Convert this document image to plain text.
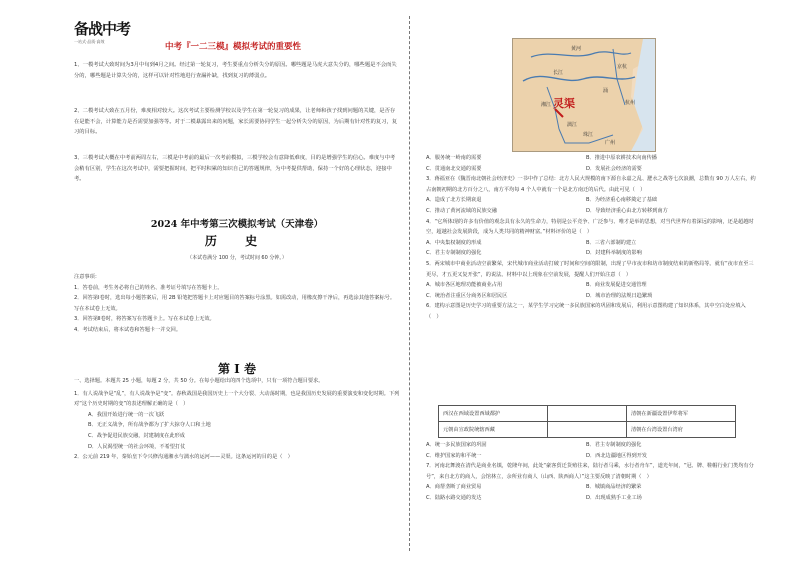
备战中考
一站式·品质·高效
中考『一二三模』模拟考试的重要性
1、一模考试大致时间为3月中旬到4月之间。经过第一轮复习，考生要重点分析失分的原因。哪些题是马虎大意失分的，哪些题是不会而失分的，哪些题是计算失分的，这样可以针对性地进行查漏补缺，找到复习的薄弱点。
2、二模考试大致在五月份，难度相对较大。这次考试主要检测学校以及学生在第一轮复习的成果，让老师和孩子找到问题的关键，是否存在是能不会，计算能力是否需要加强等等。对于二模暴露出来的问题，家长需要协同学生一起分析失分的原因，为后期有针对性的复习，复习的目标。
3、三模考试大概在中考前两周左右，三模是中考前的最后一次考前模拟，三模学校会有意降低难度，目的是增强学生的信心。难度与中考会稍有区别，学生在这次考试中，需要把握时间，把平时积累的知识自己的答题规律，为中考提供帮助，保持一个好的心理状态，迎接中考。
2024 年中考第三次模拟考试（天津卷）
历 史
（本试卷满分 100 分，考试时间 60 分钟。）
注意事项：
1．答卷前，考生务必将自己的姓名、准考证号填写在答题卡上。
2．回答第Ⅰ卷时，选出每小题答案后，用 2B 铅笔把答题卡上对应题目的答案标号涂黑。如需改动，用橡皮擦干净后，再选涂其他答案标号。写在本试卷上无效。
3．回答第Ⅱ卷时，将答案写在答题卡上。写在本试卷上无效。
4．考试结束后，将本试卷和答题卡一并交回。
第 I 卷
一、选择题。本题共 25 小题，每题 2 分，共 50 分。在每小题给出的四个选项中，只有一项符合题目要求。
1．有人说战争是“乱”，有人说战争是“变”。春秋战国是我国历史上一个大分裂、大动荡时期，也是我国历史发展的重要演变和变化时期。下列对“这个历史时期的变”的表述理解正确的是（　）
A．我国开始进行统一的一次飞跃
B．无正义战争，所有战争都为了扩大掠夺人口和土地
C．战争促进民族交融，封建制度在此形成
D．人民渴望统一的社会环境，不希望打仗
2．公元前 219 年，秦始皇下令兴修沟通湘水与漓水的运河——灵渠。这条运河的目的是（　）
长江
黄河
京杭
杭州
涌
湘江
漓江
珠江
广州
灵渠
A．服务统一岭南的需要	B．推进中原农耕技术向南传播
C．贯通南北交通的需要	D．发展社会经济的需要
3．蒋福亚在《魏晋南北朝社会经济史》一书中作了总结：北方人民大规模的南下源自永嘉之乱、淝水之战等七次浪潮，总数有 90 万人左右，约占南朝初期的北方百分之八，南方平均每 4 个人中就有一个是北方南迁的后代。由此可见（　）
A．造成了北方长期衰退	B．为经济重心南移奠定了基础
C．推动了黄河流域的民族交融	D．导致经济重心由北方转移到南方
4．“它所体现的许多有价值的观念具有永久的生命力，特别是公平竞争、广泛参与、唯才是举的思想，对当代世界有着深远的影响，还是超越时空，超越社会发展阶段，成为人类共同的精神财富。”材料评价的是（　）
A．中央集权制度的形成	B．三省六部制的建立
C．君主专制制度的强化	D．封建科举制度的影响
5．两宋城市中商业活动空前繁荣，宋代城市商业活动打破了时间和空间的限制，出现了早市夜市和坊市制度结束的新格局等。就有“夜市直至三更尽，才五更又复开张”，的说法。材料中以上现象在空前发展，提醒人们开始注意（　）
A．城市各区地理功能被商业占用	B．商业发展促进交通管理
C．统治者注重区分商务区和居民区	D．城市治理的法规日趋繁琐
6．建构示意图是历史学习的重要方法之一，某学生学习完统一多民族国家的巩固和发展后，利用示意图构建了知识体系，其中空白处应填入（　）
西汉在西域设置西域都护		清朝在新疆设置伊犁将军
元朝由宣政院统辖西藏		清朝在台湾设置台湾府
A．统一多民族国家的巩固	B．君主专制制度的强化
C．维护国家的和平统一	D．西北边疆地区得到开发
7．河南北舞渡在清代是商业名镇，乾隆年间，此处“豪客贸迁货殖往来，陆行者马乘，水行者舟车”，道光年间，“冠、牌、鞋帽行业门类均有分号”，来自北方的商人，会馆林立，余所业有商人（山西、陕西商人）”这主要反映了清朝时期（　）
A．商帮垄断了商业贸易	B．城镇商品经济的繁荣
C．陆路水路交通的发达	D．出现成熟手工业工场
